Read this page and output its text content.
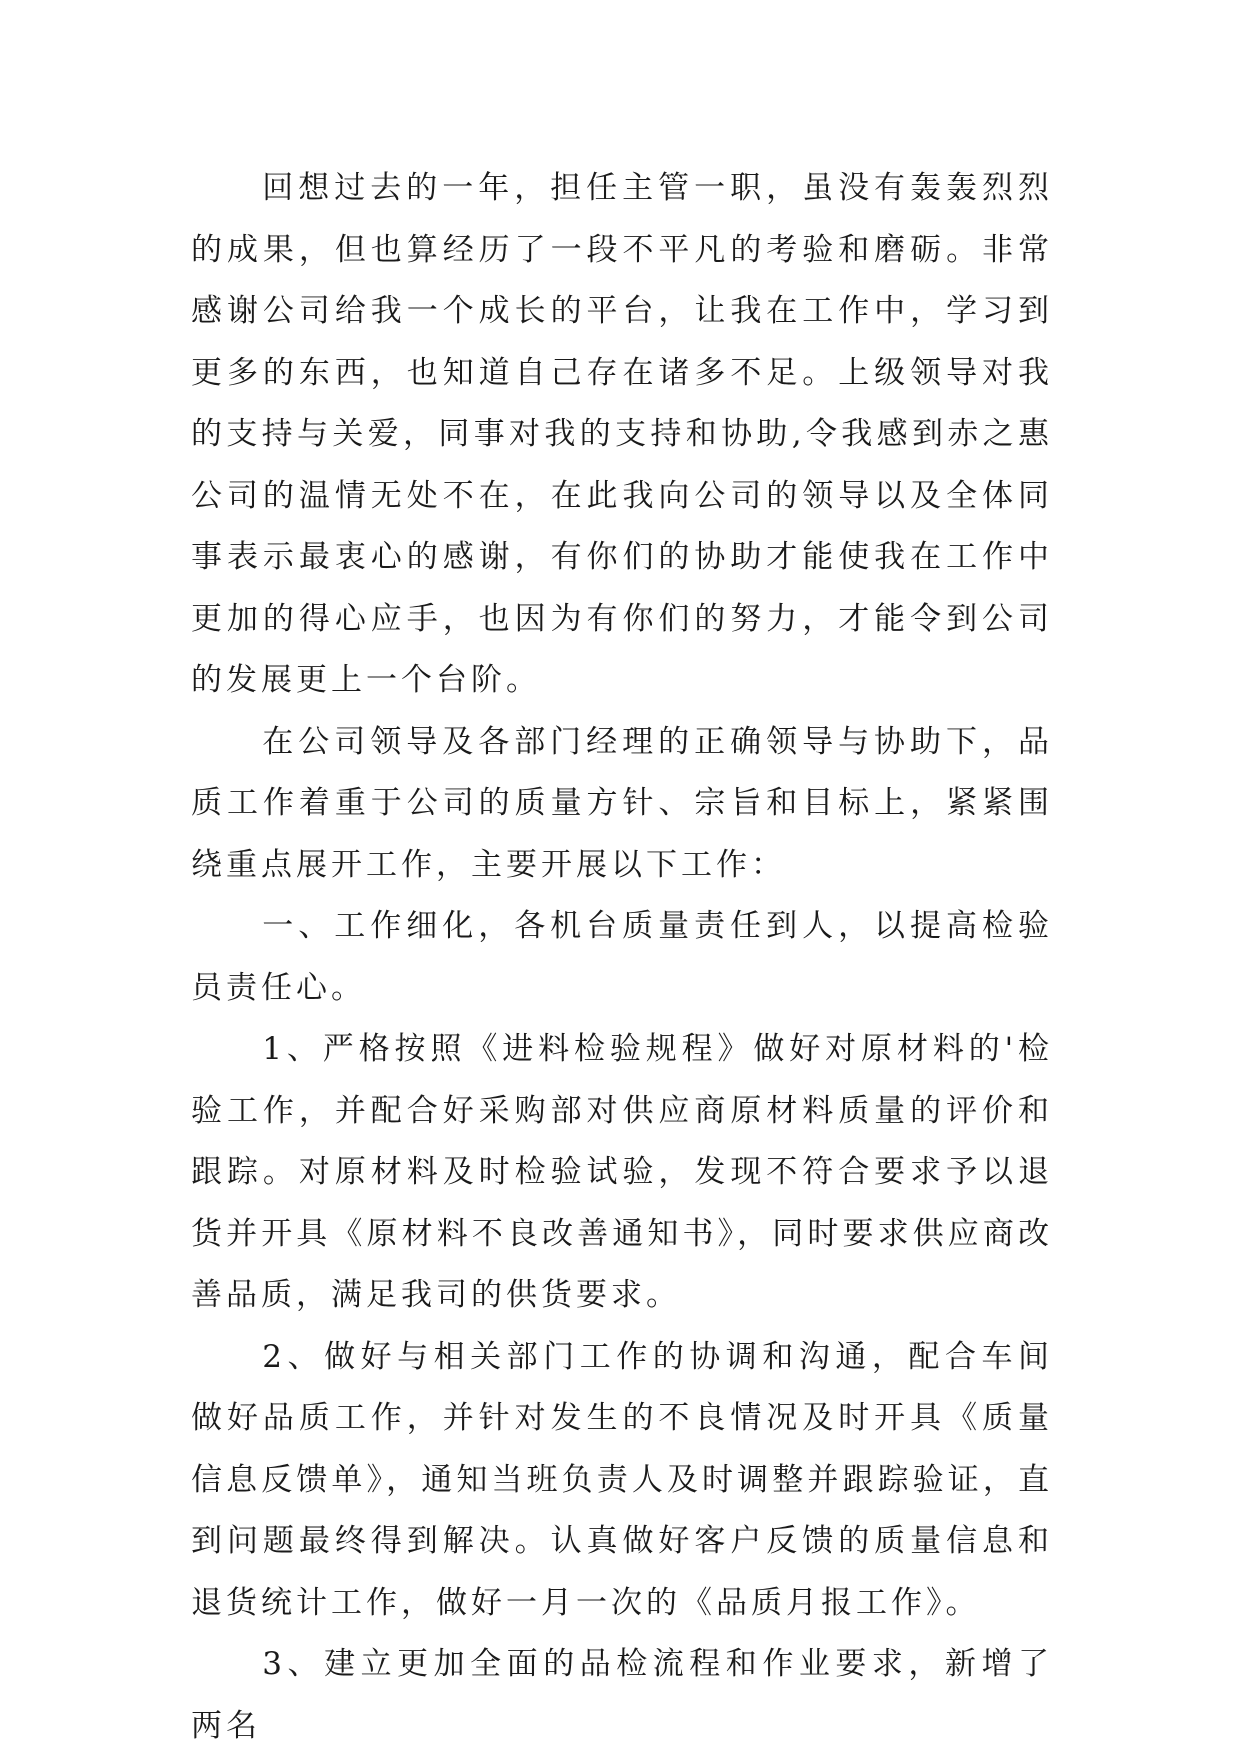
回想过去的一年，担任主管一职，虽没有轰轰烈烈的成果，但也算经历了一段不平凡的考验和磨砺。非常感谢公司给我一个成长的平台，让我在工作中，学习到更多的东西，也知道自己存在诸多不足。上级领导对我的支持与关爱，同事对我的支持和协助,令我感到赤之惠公司的温情无处不在，在此我向公司的领导以及全体同事表示最衷心的感谢，有你们的协助才能使我在工作中更加的得心应手，也因为有你们的努力，才能令到公司的发展更上一个台阶。

在公司领导及各部门经理的正确领导与协助下，品质工作着重于公司的质量方针、宗旨和目标上，紧紧围绕重点展开工作，主要开展以下工作：

一、工作细化，各机台质量责任到人，以提高检验员责任心。

1、严格按照《进料检验规程》做好对原材料的'检验工作，并配合好采购部对供应商原材料质量的评价和跟踪。对原材料及时检验试验，发现不符合要求予以退货并开具《原材料不良改善通知书》，同时要求供应商改善品质，满足我司的供货要求。

2、做好与相关部门工作的协调和沟通，配合车间做好品质工作，并针对发生的不良情况及时开具《质量信息反馈单》，通知当班负责人及时调整并跟踪验证，直到问题最终得到解决。认真做好客户反馈的质量信息和退货统计工作，做好一月一次的《品质月报工作》。

3、建立更加全面的品检流程和作业要求，新增了两名
